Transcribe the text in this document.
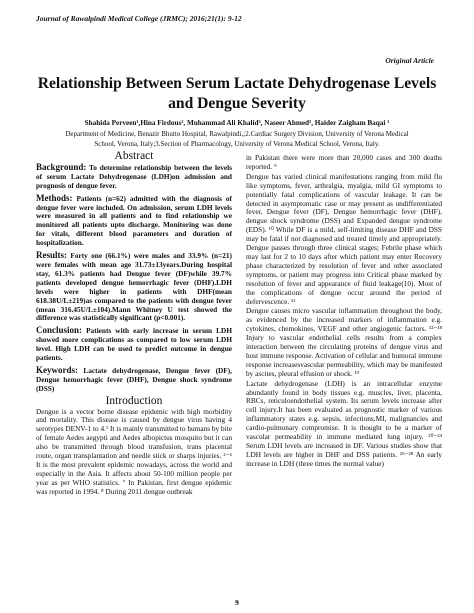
Journal of Rawalpindi Medical College (JRMC); 2016;21(1): 9-12
Original Article
Relationship Between Serum Lactate Dehydrogenase Levels and Dengue Severity
Shahida Perveen¹,Hina Firdous², Muhammad Ali Khalid³, Naseer Ahmed³, Haider Zaigham Baqai ¹
Department of Medicine, Benazir Bhutto Hospital, Rawalpindi,;2.Cardiac Surgery Division, University of Verona Medical
School, Verona, Italy;3.Section of Pharmacology, University of Verona Medical School, Verona, Italy.
Abstract
Background: To determine relationship between the levels of serum Lactate Dehydrogenase (LDH)on admission and prognosis of dengue fever.
Methods: Patients (n=62) admitted with the diagnosis of dengue fever were included. On admission, serum LDH levels were measured in all patients and to find relationship we monitored all patients upto discharge. Monitoring was done for vitals, different blood parameters and duration of hospitalization.
Results: Forty one (66.1%) were males and 33.9% (n=21) were females with mean age 31.73±13years.During hospital stay, 61.3% patients had Dengue fever (DF)while 39.7% patients developed dengue hemorrhagic fever (DHF).LDH levels were higher in patients with DHF(mean 618.38U/L±219)as compared to the patients with dengue fever (mean 316.45U/L±104).Mann Whitney U test showed the difference was statistically significant (p<0.001).
Conclusion: Patients with early increase in serum LDH showed more complications as compared to low serum LDH level. High LDH can be used to predict outcome in dengue patients.
Keywords: Lactate dehydrogenase, Dengue fever (DF), Dengue hemorrhagic fever (DHF), Dengue shock syndrome (DSS)
Introduction
Dengue is a vector borne disease epidemic with high morbidity and mortality. This disease is caused by dengue virus having 4 serotypes DENV-1 to 4.¹ It is mainly transmitted to humans by bite of female Aedes aegypti and Aedes albopictus mosquito but it can also be transmitted through blood transfusion, trans placental route, organ transplantation and needle stick or sharps injuries. ²⁻⁶ It is the most prevalent epidemic nowadays, across the world and especially in the Asia. It affects about 50-100 million people per year as per WHO statistics. ⁷ In Pakistan, first dengue epidemic was reported in 1994. ⁸ During 2011 dengue outbreak
in Pakistan there were more than 20,000 cases and 300 deaths reported. ⁹
Dengue has varied clinical manifestations ranging from mild flu like symptoms, fever, arthralgia, myalgia, mild GI symptoms to potentially fatal complications of vascular leakage. It can be detected in asymptomatic case or may present as undifferentiated fever, Dengue fever (DF), Dengue hemorrhagic fever (DHF), dengue shock syndrome (DSS) and Expanded dengue syndrome (EDS). ¹⁰ While DF is a mild, self-limiting disease DHF and DSS may be fatal if not diagnosed and treated timely and appropriately. Dengue passes through three clinical stages; Febrile phase which may last for 2 to 10 days after which patient may enter Recovery phase characterized by resolution of fever and other associated symptoms, or patient may progress into Critical phase marked by resolution of fever and appearance of fluid leakage(10). Most of the complications of dengue occur around the period of defervescence. ¹¹
Dengue causes micro vascular inflammation throughout the body, as evidenced by the increased markers of inflammation e.g. cytokines, chemokines, VEGF and other angiogenic factors. ¹²⁻¹⁸ Injury to vascular endothelial cells results from a complex interaction between the circulating proteins of dengue virus and host immune response. Activation of cellular and humoral immune response increasesvascular permeability, which may be manifested by ascites, pleural effusion or shock. ¹⁹
Lactate dehydrogenase (LDH) is an intracellular enzyme abundantly found in body tissues e.g. muscles, liver, placenta, RBCs, reticuloendothelial system. Its serum levels increase after cell injury.It has been evaluated as prognostic marker of various inflammatory states e.g. sepsis, infections,MI, malignancies and cardio-pulmonary compromise. It is thought to be a marker of vascular permeability in immune mediated lung injury. ²⁰⁻²⁴ Serum LDH levels are increased in DF. Various studies show that LDH levels are higher in DHF and DSS patients. ²⁵⁻²⁸ An early increase in LDH (three times the normal value)
9
